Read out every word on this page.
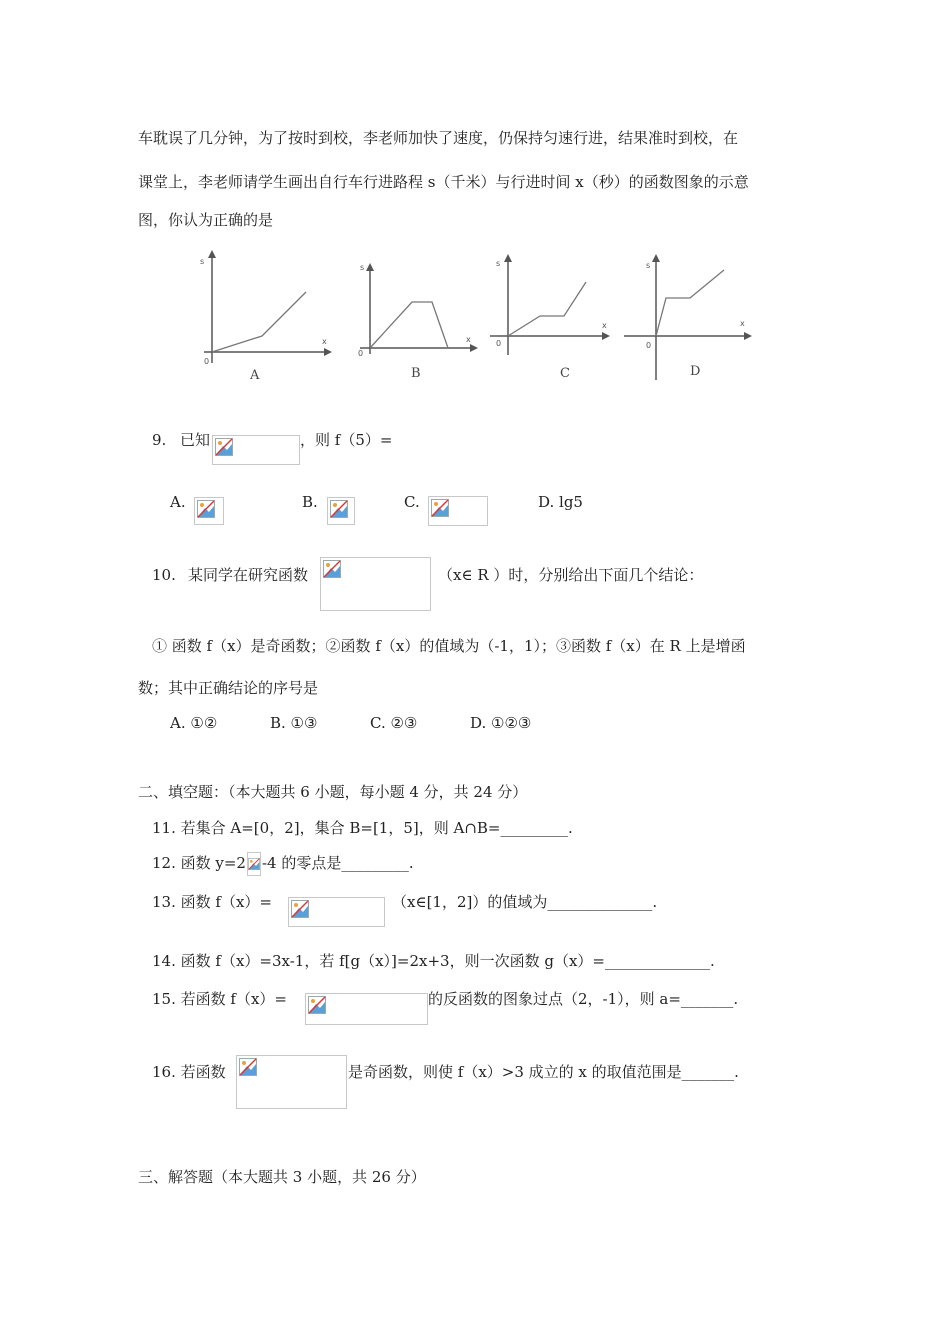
车耽误了几分钟，为了按时到校，李老师加快了速度，仍保持匀速行进，结果准时到校，在
课堂上，李老师请学生画出自行车行进路程 s（千米）与行进时间 x（秒）的函数图象的示意
图，你认为正确的是
s
x
0
A
s
x
0
B
s
x
0
C
s
x
0
D
9. 已知	，则 f（5）=
A.	B.	C.	D. lg5
10. 某同学在研究函数	（x∈ R ）时，分别给出下面几个结论：
① 函数 f（x）是奇函数；②函数 f（x）的值域为（-1，1）；③函数 f（x）在 R 上是增函
数；其中正确结论的序号是
A. ①②	B. ①③	C. ②③	D. ①②③
二、填空题：（本大题共 6 小题，每小题 4 分，共 24 分）
11. 若集合 A=[0，2]，集合 B=[1，5]，则 A∩B=_________.
12. 函数 y=2 -4 的零点是_________.
13. 函数 f（x）=	（x∈[1，2]）的值域为______________.
14. 函数 f（x）=3x-1，若 f[g（x）]=2x+3，则一次函数 g（x）=______________.
15. 若函数 f（x）=	的反函数的图象过点（2，-1），则 a=_______.
16. 若函数	是奇函数，则使 f（x）>3 成立的 x 的取值范围是_______.
三、解答题（本大题共 3 小题，共 26 分）
